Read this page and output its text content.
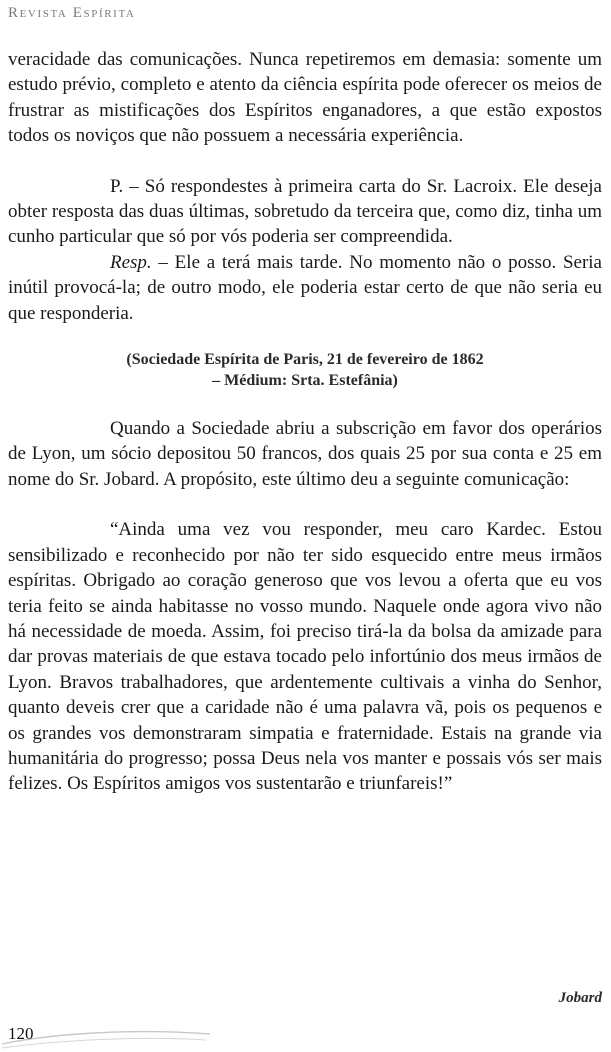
Revista Espírita

veracidade das comunicações. Nunca repetiremos em demasia: somente um estudo prévio, completo e atento da ciência espírita pode oferecer os meios de frustrar as mistificações dos Espíritos enganadores, a que estão expostos todos os noviços que não possuem a necessária experiência.

P. – Só respondestes à primeira carta do Sr. Lacroix. Ele deseja obter resposta das duas últimas, sobretudo da terceira que, como diz, tinha um cunho particular que só por vós poderia ser compreendida.

Resp. – Ele a terá mais tarde. No momento não o posso. Seria inútil provocá-la; de outro modo, ele poderia estar certo de que não seria eu que responderia.

(Sociedade Espírita de Paris, 21 de fevereiro de 1862
– Médium: Srta. Estefânia)

Quando a Sociedade abriu a subscrição em favor dos operários de Lyon, um sócio depositou 50 francos, dos quais 25 por sua conta e 25 em nome do Sr. Jobard. A propósito, este último deu a seguinte comunicação:

“Ainda uma vez vou responder, meu caro Kardec. Estou sensibilizado e reconhecido por não ter sido esquecido entre meus irmãos espíritas. Obrigado ao coração generoso que vos levou a oferta que eu vos teria feito se ainda habitasse no vosso mundo. Naquele onde agora vivo não há necessidade de moeda. Assim, foi preciso tirá-la da bolsa da amizade para dar provas materiais de que estava tocado pelo infortúnio dos meus irmãos de Lyon. Bravos trabalhadores, que ardentemente cultivais a vinha do Senhor, quanto deveis crer que a caridade não é uma palavra vã, pois os pequenos e os grandes vos demonstraram simpatia e fraternidade. Estais na grande via humanitária do progresso; possa Deus nela vos manter e possais vós ser mais felizes. Os Espíritos amigos vos sustentarão e triunfareis!”

Jobard
120
